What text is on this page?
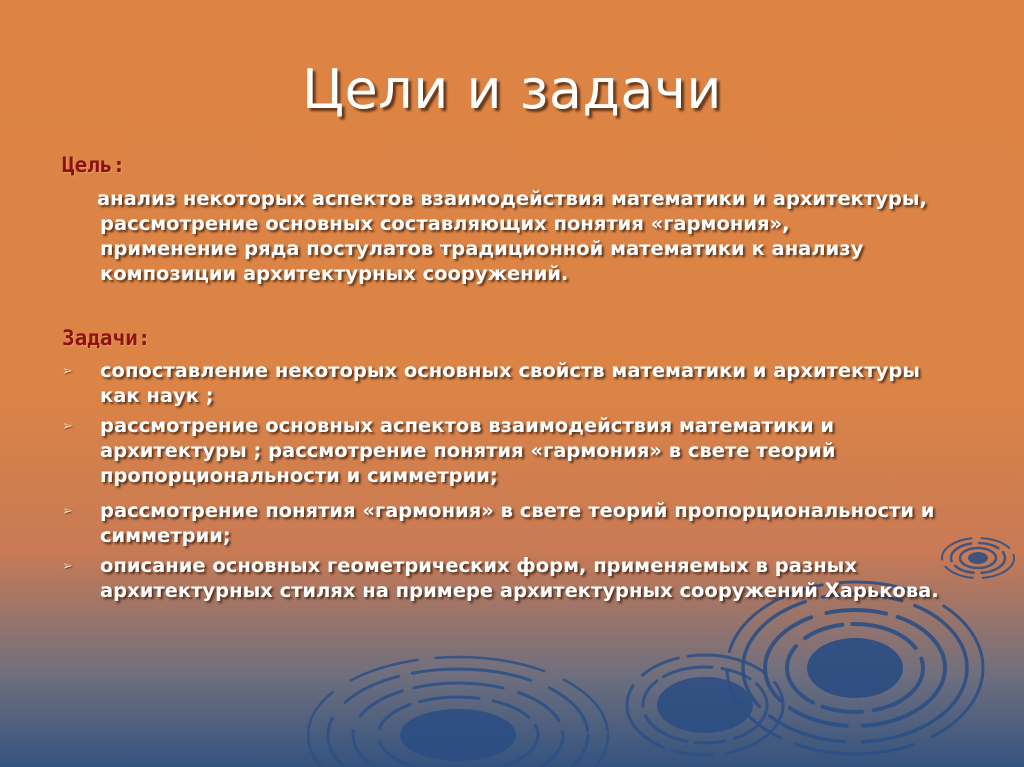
Цели и задачи
Цель:
анализ некоторых аспектов взаимодействия математики и архитектуры, рассмотрение основных составляющих понятия «гармония», применение ряда постулатов традиционной математики к анализу композиции архитектурных сооружений.
Задачи:
➢ сопоставление некоторых основных свойств математики и архитектуры как наук ;
➢ рассмотрение основных аспектов взаимодействия математики и архитектуры ; рассмотрение понятия «гармония» в свете теорий пропорциональности и симметрии;
➢ рассмотрение понятия «гармония» в свете теорий пропорциональности и симметрии;
➢ описание основных геометрических форм, применяемых в разных архитектурных стилях на примере архитектурных сооружений Харькова.
